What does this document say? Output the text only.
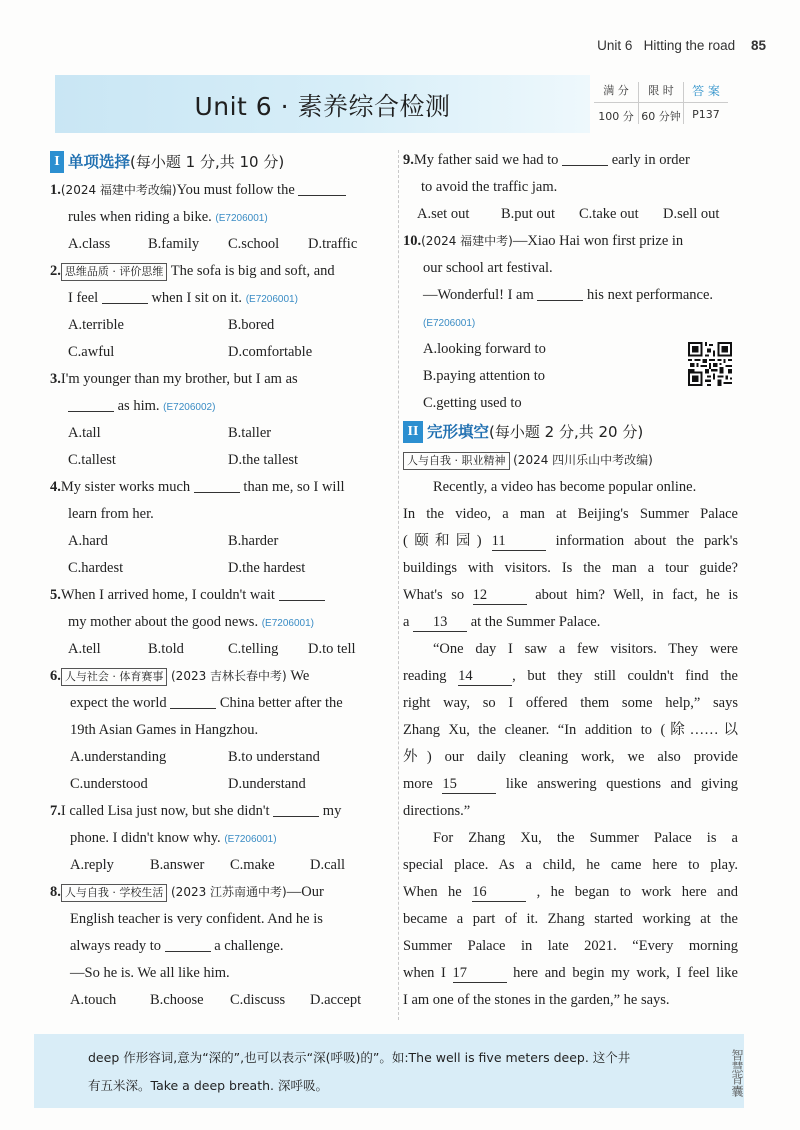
Unit 6 Hitting the road 85
Unit 6 · 素养综合检测
满 分
100 分
限 时
60 分钟
答 案
P137
I 单项选择 (每小题 1 分,共 10 分)
1.(2024 福建中考改编)You must follow the
rules when riding a bike. (E7206001)
A.class	B.family	C.school	D.traffic
2. 思维品质 · 评价思维 The sofa is big and soft, and
I feel	when I sit on it. (E7206001)
A.terrible	B.bored
C.awful	D.comfortable
3.I'm younger than my brother, but I am as
as him. (E7206002)
A.tall	B.taller
C.tallest	D.the tallest
4.My sister works much	than me, so I will
learn from her.
A.hard	B.harder
C.hardest	D.the hardest
5.When I arrived home, I couldn't wait
my mother about the good news. (E7206001)
A.tell	B.told	C.telling	D.to tell
6. 人与社会 · 体育赛事 (2023 吉林长春中考) We
expect the world	China better after the
19th Asian Games in Hangzhou.
A.understanding	B.to understand
C.understood	D.understand
7.I called Lisa just now, but she didn't	my
phone. I didn't know why. (E7206001)
A.reply	B.answer	C.make	D.call
8. 人与自我 · 学校生活 (2023 江苏南通中考)—Our
English teacher is very confident. And he is
always ready to	a challenge.
—So he is. We all like him.
A.touch	B.choose	C.discuss	D.accept
9.My father said we had to	early in order
to avoid the traffic jam.
A.set out	B.put out	C.take out	D.sell out
10.(2024 福建中考)—Xiao Hai won first prize in
our school art festival.
—Wonderful! I am	his next performance.
(E7206001)
A.looking forward to
B.paying attention to
C.getting used to
II 完形填空 (每小题 2 分,共 20 分)
人与自我 · 职业精神 (2024 四川乐山中考改编)
Recently, a video has become popular online.
In the video, a man at Beijing's Summer Palace
(颐和园) 11	information about the park's
buildings with visitors. Is the man a tour guide?
What's so 12	about him? Well, in fact, he is
a 13 at the Summer Palace.
“One day I saw a few visitors. They were
reading 14	, but they still couldn't find the
right way, so I offered them some help,” says
Zhang Xu, the cleaner. “In addition to (除……以
外) our daily cleaning work, we also provide
more 15	like answering questions and giving
directions.”
For Zhang Xu, the Summer Palace is a
special place. As a child, he came here to play.
When he 16	, he began to work here and
became a part of it. Zhang started working at the
Summer Palace in late 2021. “Every morning
when I 17	here and begin my work, I feel like
I am one of the stones in the garden,” he says.
deep 作形容词,意为“深的”,也可以表示“深(呼吸)的”。如:The well is five meters deep. 这个井
有五米深。Take a deep breath. 深呼吸。	智慧背囊
